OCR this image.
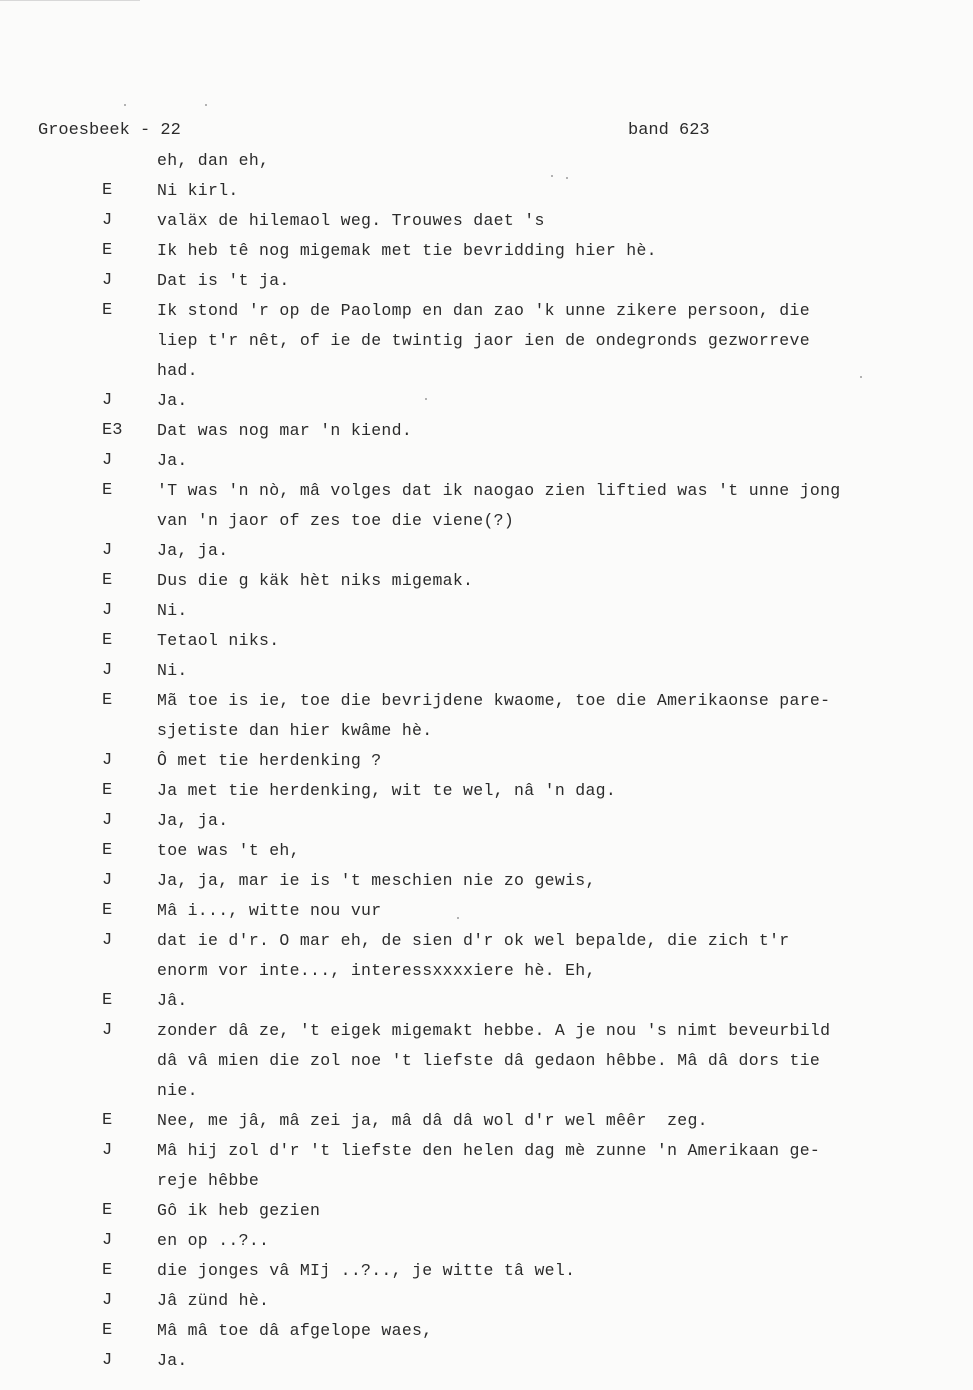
Groesbeek - 22	band 623
eh, dan eh,
E	Ni kirl.
J	valäx de hilemaol weg. Trouwes daet 's
E	Ik heb tê nog migemak met tie bevridding hier hè.
J	Dat is 't ja.
E	Ik stond 'r op de Paolomp en dan zao 'k unne zikere persoon, die
liep t'r nêt, of ie de twintig jaor ien de ondegronds gezworreve
had.
J	Ja.
E3 Dat was nog mar 'n kiend.
J	Ja.
E	'T was 'n nò, mâ volges dat ik naogao zien liftied was 't unne jong
van 'n jaor of zes toe die viene(?)
J	Ja, ja.
E	Dus die g käk hèt niks migemak.
J	Ni.
E	Tetaol niks.
J	Ni.
E	Mã toe is ie, toe die bevrijdene kwaome, toe die Amerikaonse pare-
sjetiste dan hier kwâme hè.
J	Ô met tie herdenking ?
E	Ja met tie herdenking, wit te wel, nâ 'n dag.
J	Ja, ja.
E	toe was 't eh,
J	Ja, ja, mar ie is 't meschien nie zo gewis,
E	Mâ i..., witte nou vur
J	dat ie d'r. O mar eh, de sien d'r ok wel bepalde, die zich t'r
enorm vor inte..., interessxxxxiere hè. Eh,
E	Jâ.
J	zonder dâ ze, 't eigek migemakt hebbe. A je nou 's nimt beveurbild
dâ vâ mien die zol noe 't liefste dâ gedaon hêbbe. Mâ dâ dors tie
nie.
E	Nee, me jâ, mâ zei ja, mâ dâ dâ wol d'r wel mêêr  zeg.
J	Mâ hij zol d'r 't liefste den helen dag mè zunne 'n Amerikaan ge-
reje hêbbe
E	Gô ik heb gezien
J	en op ..?..
E	die jonges vâ MIj ..?.., je witte tâ wel.
J	Jâ zünd hè.
E	Mâ mâ toe dâ afgelope waes,
J	Ja.
